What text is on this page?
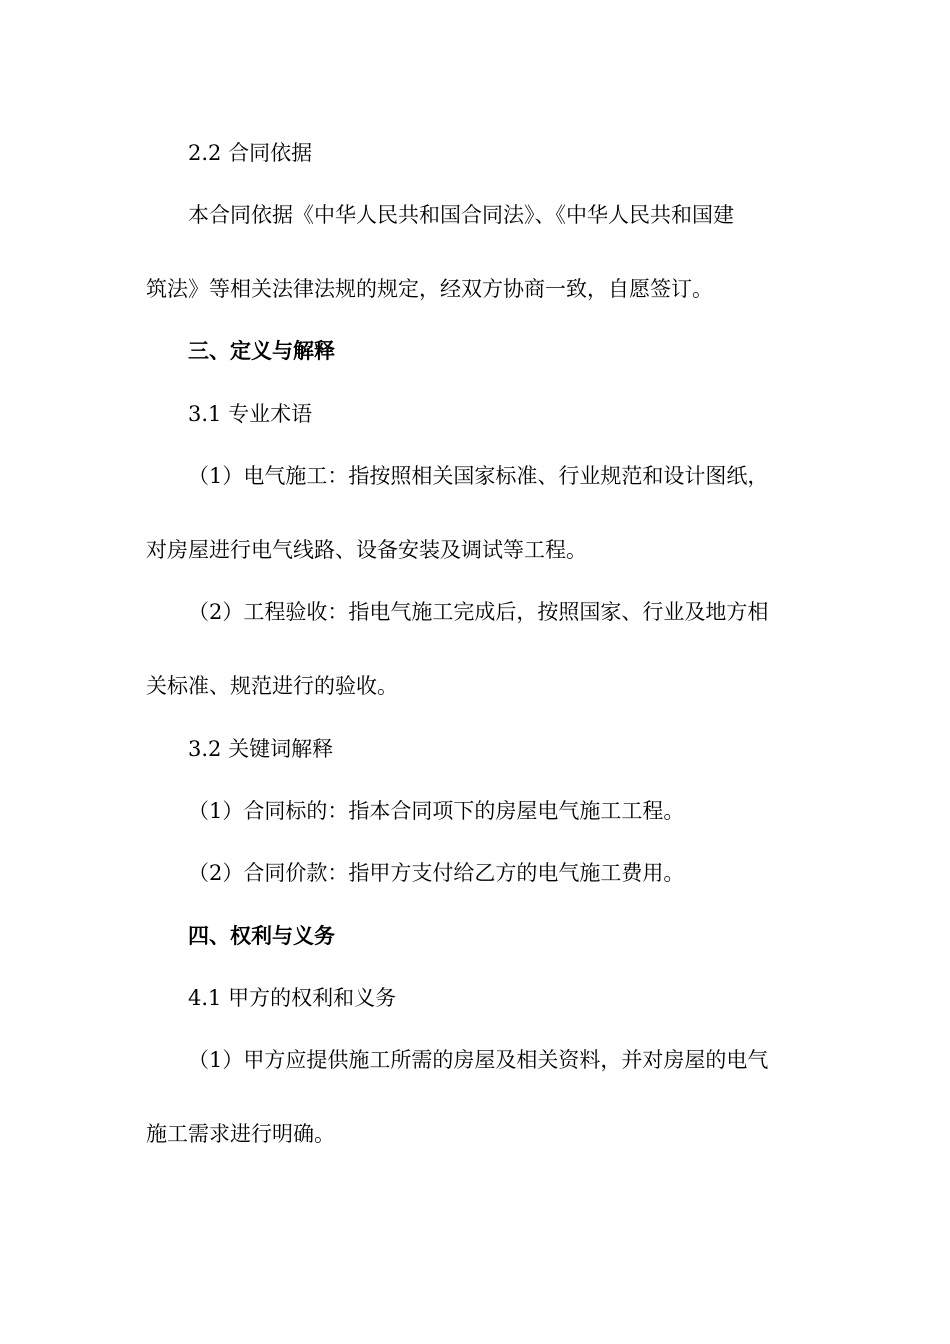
2.2 合同依据
本合同依据《中华人民共和国合同法》、《中华人民共和国建
筑法》等相关法律法规的规定，经双方协商一致，自愿签订。
三、定义与解释
3.1 专业术语
（1）电气施工：指按照相关国家标准、行业规范和设计图纸，
对房屋进行电气线路、设备安装及调试等工程。
（2）工程验收：指电气施工完成后，按照国家、行业及地方相
关标准、规范进行的验收。
3.2 关键词解释
（1）合同标的：指本合同项下的房屋电气施工工程。
（2）合同价款：指甲方支付给乙方的电气施工费用。
四、权利与义务
4.1 甲方的权利和义务
（1）甲方应提供施工所需的房屋及相关资料，并对房屋的电气
施工需求进行明确。
